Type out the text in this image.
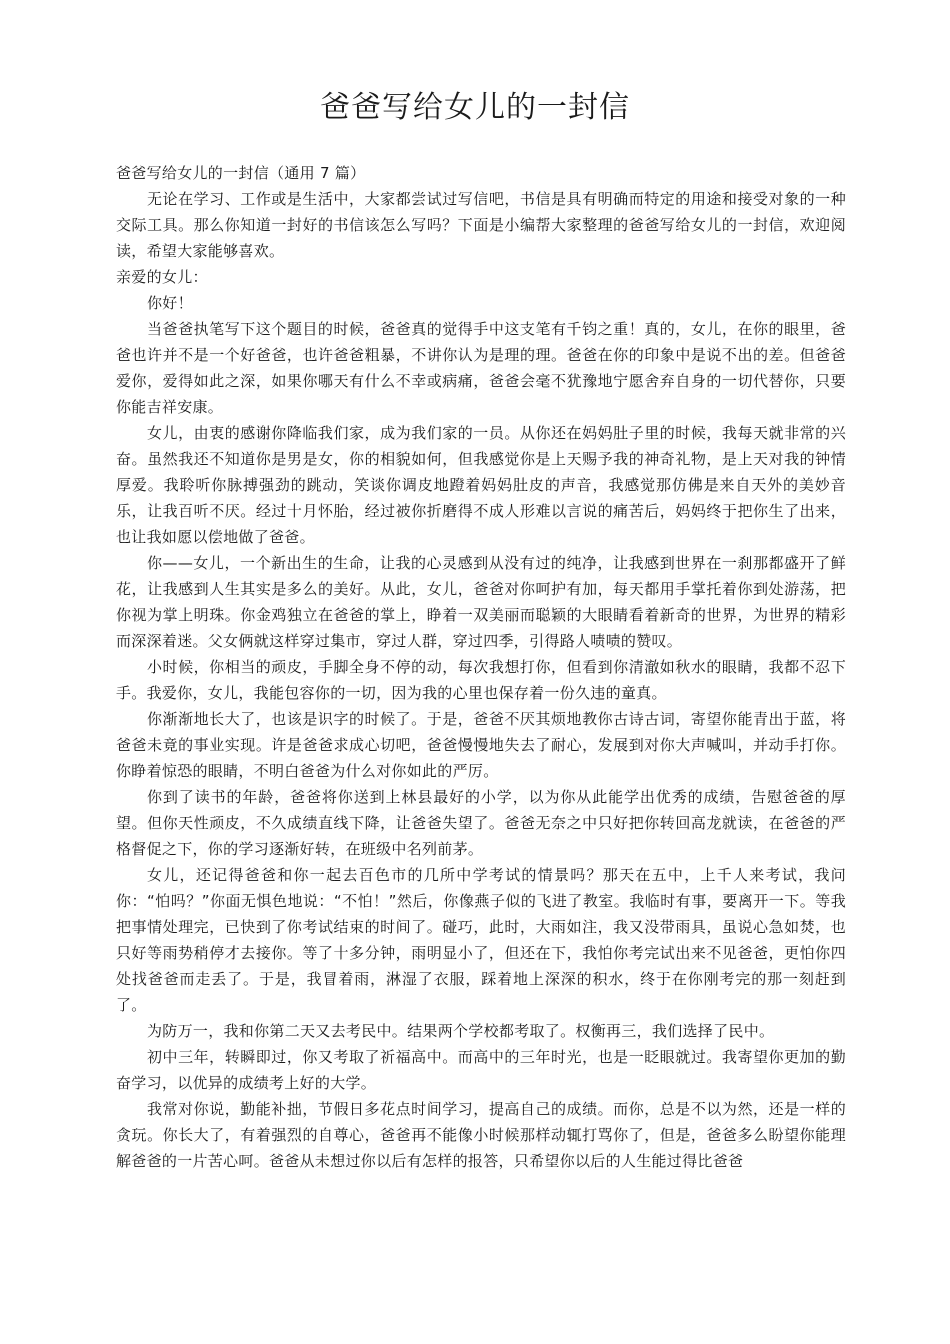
爸爸写给女儿的一封信

爸爸写给女儿的一封信（通用 7 篇）

无论在学习、工作或是生活中，大家都尝试过写信吧，书信是具有明确而特定的用途和接受对象的一种交际工具。那么你知道一封好的书信该怎么写吗？下面是小编帮大家整理的爸爸写给女儿的一封信，欢迎阅读，希望大家能够喜欢。

亲爱的女儿：

你好！

当爸爸执笔写下这个题目的时候，爸爸真的觉得手中这支笔有千钧之重！真的，女儿，在你的眼里，爸爸也许并不是一个好爸爸，也许爸爸粗暴，不讲你认为是理的理。爸爸在你的印象中是说不出的差。但爸爸爱你，爱得如此之深，如果你哪天有什么不幸或病痛，爸爸会毫不犹豫地宁愿舍弃自身的一切代替你，只要你能吉祥安康。

女儿，由衷的感谢你降临我们家，成为我们家的一员。从你还在妈妈肚子里的时候，我每天就非常的兴奋。虽然我还不知道你是男是女，你的相貌如何，但我感觉你是上天赐予我的神奇礼物，是上天对我的钟情厚爱。我聆听你脉搏强劲的跳动，笑谈你调皮地蹬着妈妈肚皮的声音，我感觉那仿佛是来自天外的美妙音乐，让我百听不厌。经过十月怀胎，经过被你折磨得不成人形难以言说的痛苦后，妈妈终于把你生了出来，也让我如愿以偿地做了爸爸。

你——女儿，一个新出生的生命，让我的心灵感到从没有过的纯净，让我感到世界在一刹那都盛开了鲜花，让我感到人生其实是多么的美好。从此，女儿，爸爸对你呵护有加，每天都用手掌托着你到处游荡，把你视为掌上明珠。你金鸡独立在爸爸的掌上，睁着一双美丽而聪颖的大眼睛看着新奇的世界，为世界的精彩而深深着迷。父女俩就这样穿过集市，穿过人群，穿过四季，引得路人啧啧的赞叹。

小时候，你相当的顽皮，手脚全身不停的动，每次我想打你，但看到你清澈如秋水的眼睛，我都不忍下手。我爱你，女儿，我能包容你的一切，因为我的心里也保存着一份久违的童真。

你渐渐地长大了，也该是识字的时候了。于是，爸爸不厌其烦地教你古诗古词，寄望你能青出于蓝，将爸爸未竟的事业实现。许是爸爸求成心切吧，爸爸慢慢地失去了耐心，发展到对你大声喊叫，并动手打你。你睁着惊恐的眼睛，不明白爸爸为什么对你如此的严厉。

你到了读书的年龄，爸爸将你送到上林县最好的小学，以为你从此能学出优秀的成绩，告慰爸爸的厚望。但你天性顽皮，不久成绩直线下降，让爸爸失望了。爸爸无奈之中只好把你转回高龙就读，在爸爸的严格督促之下，你的学习逐渐好转，在班级中名列前茅。

女儿，还记得爸爸和你一起去百色市的几所中学考试的情景吗？那天在五中，上千人来考试，我问你：“怕吗？”你面无惧色地说：“不怕！”然后，你像燕子似的飞进了教室。我临时有事，要离开一下。等我把事情处理完，已快到了你考试结束的时间了。碰巧，此时，大雨如注，我又没带雨具，虽说心急如焚，也只好等雨势稍停才去接你。等了十多分钟，雨明显小了，但还在下，我怕你考完试出来不见爸爸，更怕你四处找爸爸而走丢了。于是，我冒着雨，淋湿了衣服，踩着地上深深的积水，终于在你刚考完的那一刻赶到了。

为防万一，我和你第二天又去考民中。结果两个学校都考取了。权衡再三，我们选择了民中。

初中三年，转瞬即过，你又考取了祈福高中。而高中的三年时光，也是一眨眼就过。我寄望你更加的勤奋学习，以优异的成绩考上好的大学。

我常对你说，勤能补拙，节假日多花点时间学习，提高自己的成绩。而你，总是不以为然，还是一样的贪玩。你长大了，有着强烈的自尊心，爸爸再不能像小时候那样动辄打骂你了，但是，爸爸多么盼望你能理解爸爸的一片苦心呵。爸爸从未想过你以后有怎样的报答，只希望你以后的人生能过得比爸爸
